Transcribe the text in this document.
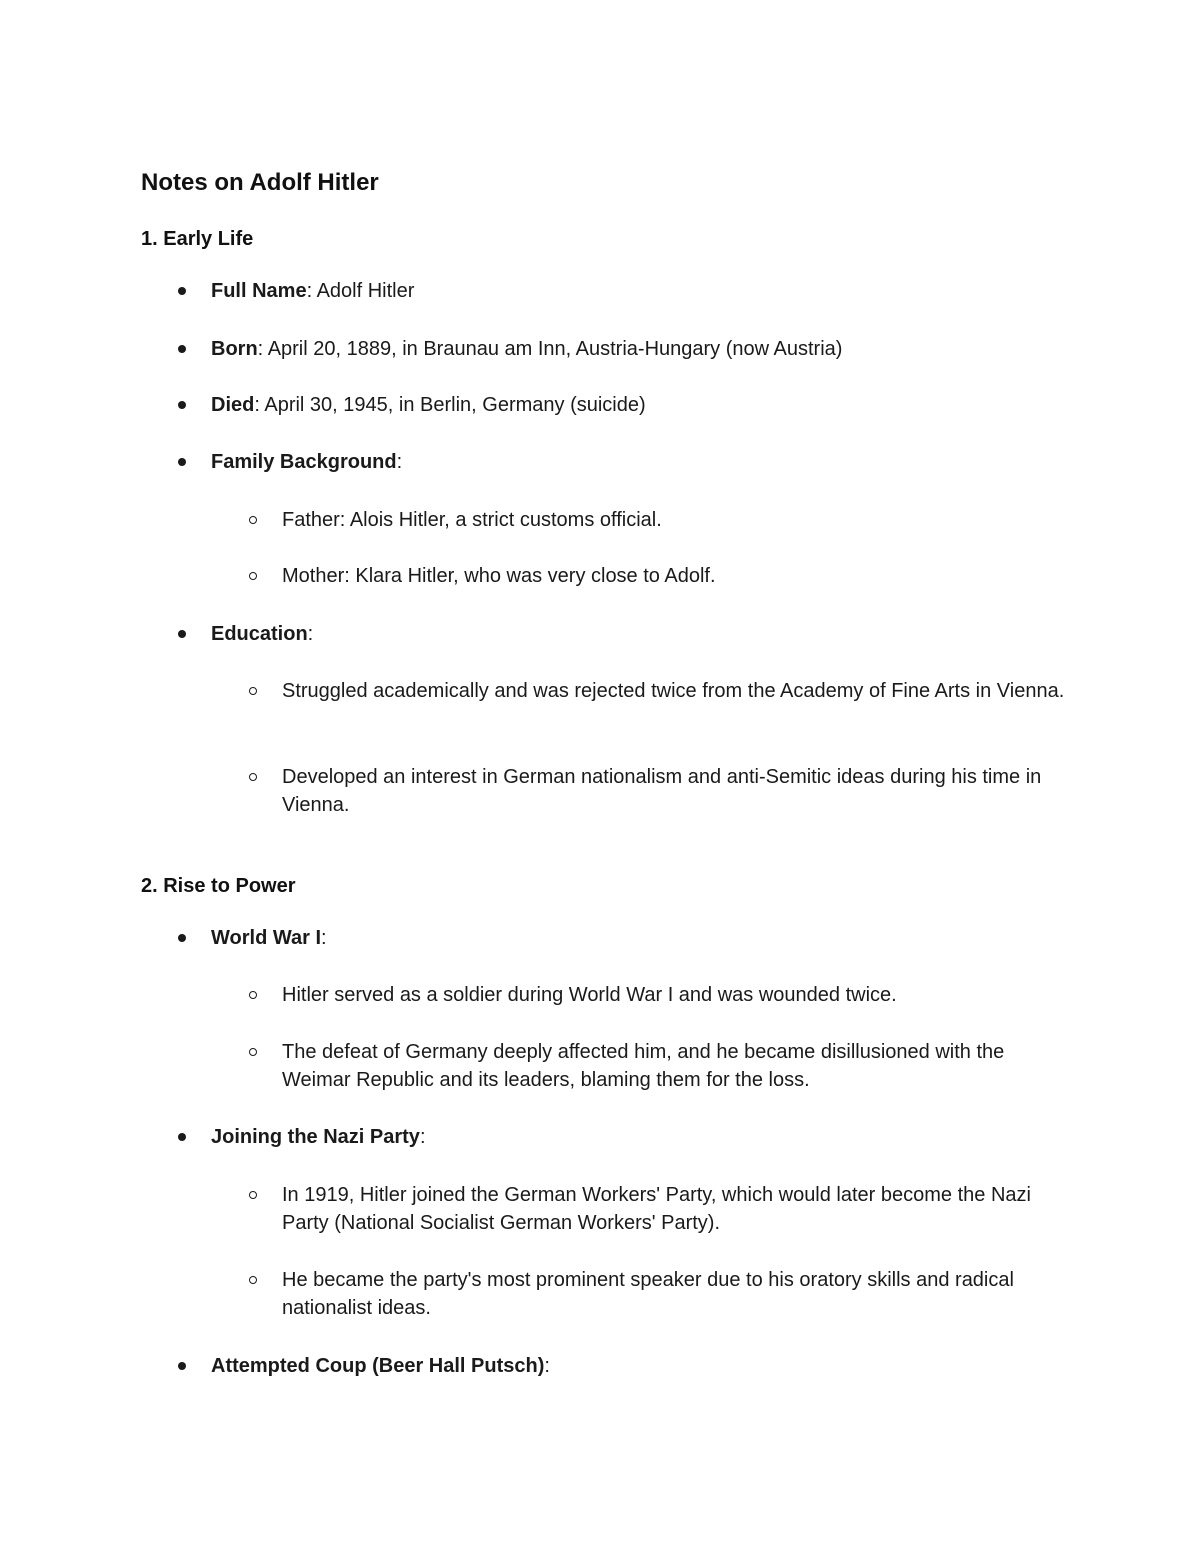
Notes on Adolf Hitler
1. Early Life
Full Name: Adolf Hitler
Born: April 20, 1889, in Braunau am Inn, Austria-Hungary (now Austria)
Died: April 30, 1945, in Berlin, Germany (suicide)
Family Background:
Father: Alois Hitler, a strict customs official.
Mother: Klara Hitler, who was very close to Adolf.
Education:
Struggled academically and was rejected twice from the Academy of Fine Arts in Vienna.
Developed an interest in German nationalism and anti-Semitic ideas during his time in Vienna.
2. Rise to Power
World War I:
Hitler served as a soldier during World War I and was wounded twice.
The defeat of Germany deeply affected him, and he became disillusioned with the Weimar Republic and its leaders, blaming them for the loss.
Joining the Nazi Party:
In 1919, Hitler joined the German Workers' Party, which would later become the Nazi Party (National Socialist German Workers' Party).
He became the party's most prominent speaker due to his oratory skills and radical nationalist ideas.
Attempted Coup (Beer Hall Putsch):
